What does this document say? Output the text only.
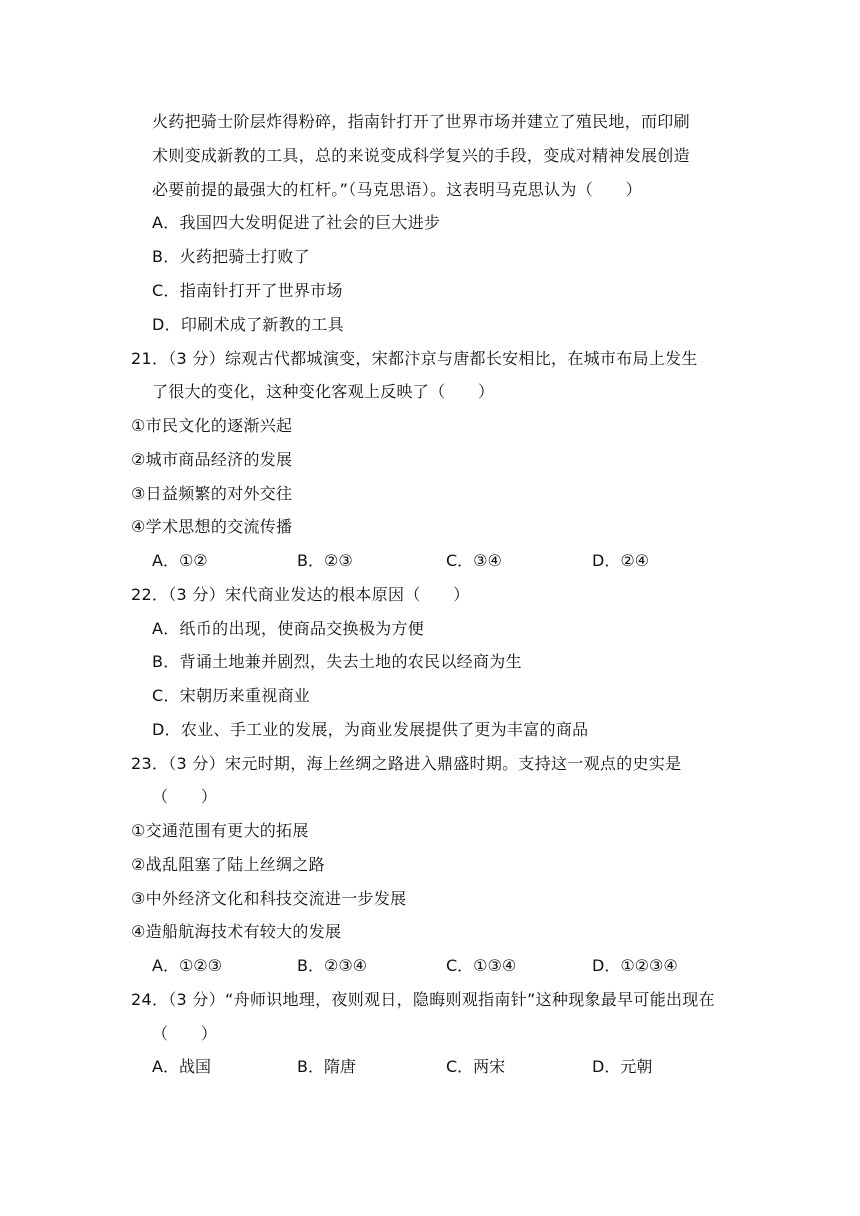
火药把骑士阶层炸得粉碎，指南针打开了世界市场并建立了殖民地，而印刷
术则变成新教的工具，总的来说变成科学复兴的手段，变成对精神发展创造
必要前提的最强大的杠杆。”（马克思语）。这表明马克思认为（　　）
A．我国四大发明促进了社会的巨大进步
B．火药把骑士打败了
C．指南针打开了世界市场
D．印刷术成了新教的工具
21．（3 分）综观古代都城演变，宋都汴京与唐都长安相比，在城市布局上发生
了很大的变化，这种变化客观上反映了（　　）
①市民文化的逐渐兴起
②城市商品经济的发展
③日益频繁的对外交往
④学术思想的交流传播
A．①②	B．②③	C．③④	D．②④
22．（3 分）宋代商业发达的根本原因（　　）
A．纸币的出现，使商品交换极为方便
B．背诵土地兼并剧烈，失去土地的农民以经商为生
C．宋朝历来重视商业
D．农业、手工业的发展，为商业发展提供了更为丰富的商品
23．（3 分）宋元时期，海上丝绸之路进入鼎盛时期。支持这一观点的史实是
（　　）
①交通范围有更大的拓展
②战乱阻塞了陆上丝绸之路
③中外经济文化和科技交流进一步发展
④造船航海技术有较大的发展
A．①②③	B．②③④	C．①③④	D．①②③④
24．（3 分）“舟师识地理，夜则观日，隐晦则观指南针”这种现象最早可能出现在
（　　）
A．战国	B．隋唐	C．两宋	D．元朝
